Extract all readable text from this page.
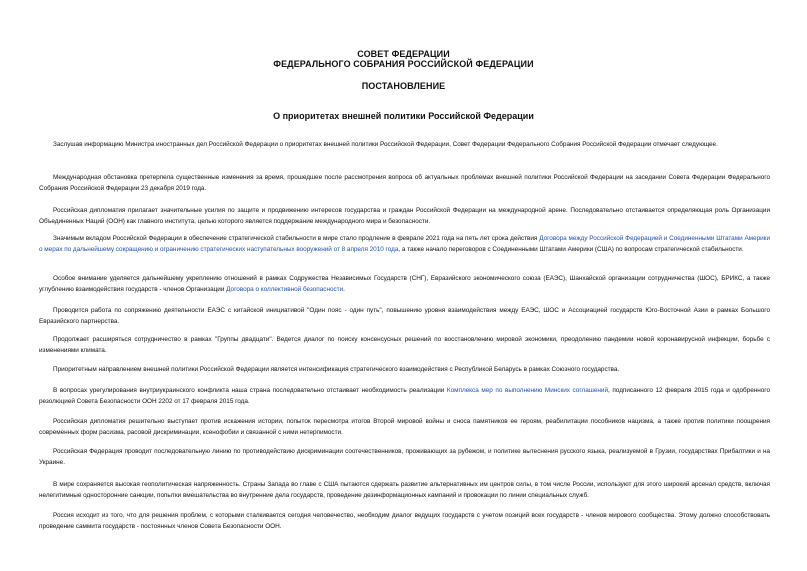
СОВЕТ ФЕДЕРАЦИИ
ФЕДЕРАЛЬНОГО СОБРАНИЯ РОССИЙСКОЙ ФЕДЕРАЦИИ
ПОСТАНОВЛЕНИЕ
О приоритетах внешней политики Российской Федерации
Заслушав информацию Министра иностранных дел Российской Федерации о приоритетах внешней политики Российской Федерации, Совет Федерации Федерального Собрания Российской Федерации отмечает следующее.
Международная обстановка претерпела существенные изменения за время, прошедшее после рассмотрения вопроса об актуальных проблемах внешней политики Российской Федерации на заседании Совета Федерации Федерального Собрания Российской Федерации 23 декабря 2019 года.
Российская дипломатия прилагает значительные усилия по защите и продвижению интересов государства и граждан Российской Федерации на международной арене. Последовательно отстаивается определяющая роль Организации Объединенных Наций (ООН) как главного института, целью которого является поддержание международного мира и безопасности.
Значимым вкладом Российской Федерации в обеспечение стратегической стабильности в мире стало продление в феврале 2021 года на пять лет срока действия Договора между Российской Федерацией и Соединенными Штатами Америки о мерах по дальнейшему сокращению и ограничению стратегических наступательных вооружений от 8 апреля 2010 года, а также начало переговоров с Соединенными Штатами Америки (США) по вопросам стратегической стабильности.
Особое внимание уделяется дальнейшему укреплению отношений в рамках Содружества Независимых Государств (СНГ), Евразийского экономического союза (ЕАЭС), Шанхайской организации сотрудничества (ШОС), БРИКС, а также углублению взаимодействия государств - членов Организации Договора о коллективной безопасности.
Проводится работа по сопряжению деятельности ЕАЭС с китайской инициативой "Один пояс - один путь", повышению уровня взаимодействия между ЕАЭС, ШОС и Ассоциацией государств Юго-Восточной Азии в рамках Большого Евразийского партнерства.
Продолжает расширяться сотрудничество в рамках "Группы двадцати". Ведется диалог по поиску консенсусных решений по восстановлению мировой экономики, преодолению пандемии новой коронавирусной инфекции, борьбе с изменениями климата.
Приоритетным направлением внешней политики Российской Федерации является интенсификация стратегического взаимодействия с Республикой Беларусь в рамках Союзного государства.
В вопросах урегулирования внутриукраинского конфликта наша страна последовательно отстаивает необходимость реализации Комплекса мер по выполнению Минских соглашений, подписанного 12 февраля 2015 года и одобренного резолюцией Совета Безопасности ООН 2202 от 17 февраля 2015 года.
Российская дипломатия решительно выступает против искажения истории, попыток пересмотра итогов Второй мировой войны и сноса памятников ее героям, реабилитации пособников нацизма, а также против политики поощрения современных форм расизма, расовой дискриминации, ксенофобии и связанной с ними нетерпимости.
Российская Федерация проводит последовательную линию по противодействию дискриминации соотечественников, проживающих за рубежом, и политике вытеснения русского языка, реализуемой в Грузии, государствах Прибалтики и на Украине.
В мире сохраняется высокая геополитическая напряженность. Страны Запада во главе с США пытаются сдержать развитие альтернативных им центров силы, в том числе России, используют для этого широкий арсенал средств, включая нелегитимные односторонние санкции, попытки вмешательства во внутренние дела государств, проведение дезинформационных кампаний и провокации по линии специальных служб.
Россия исходит из того, что для решения проблем, с которыми сталкивается сегодня человечество, необходим диалог ведущих государств с учетом позиций всех государств - членов мирового сообщества. Этому должно способствовать проведение саммита государств - постоянных членов Совета Безопасности ООН.
